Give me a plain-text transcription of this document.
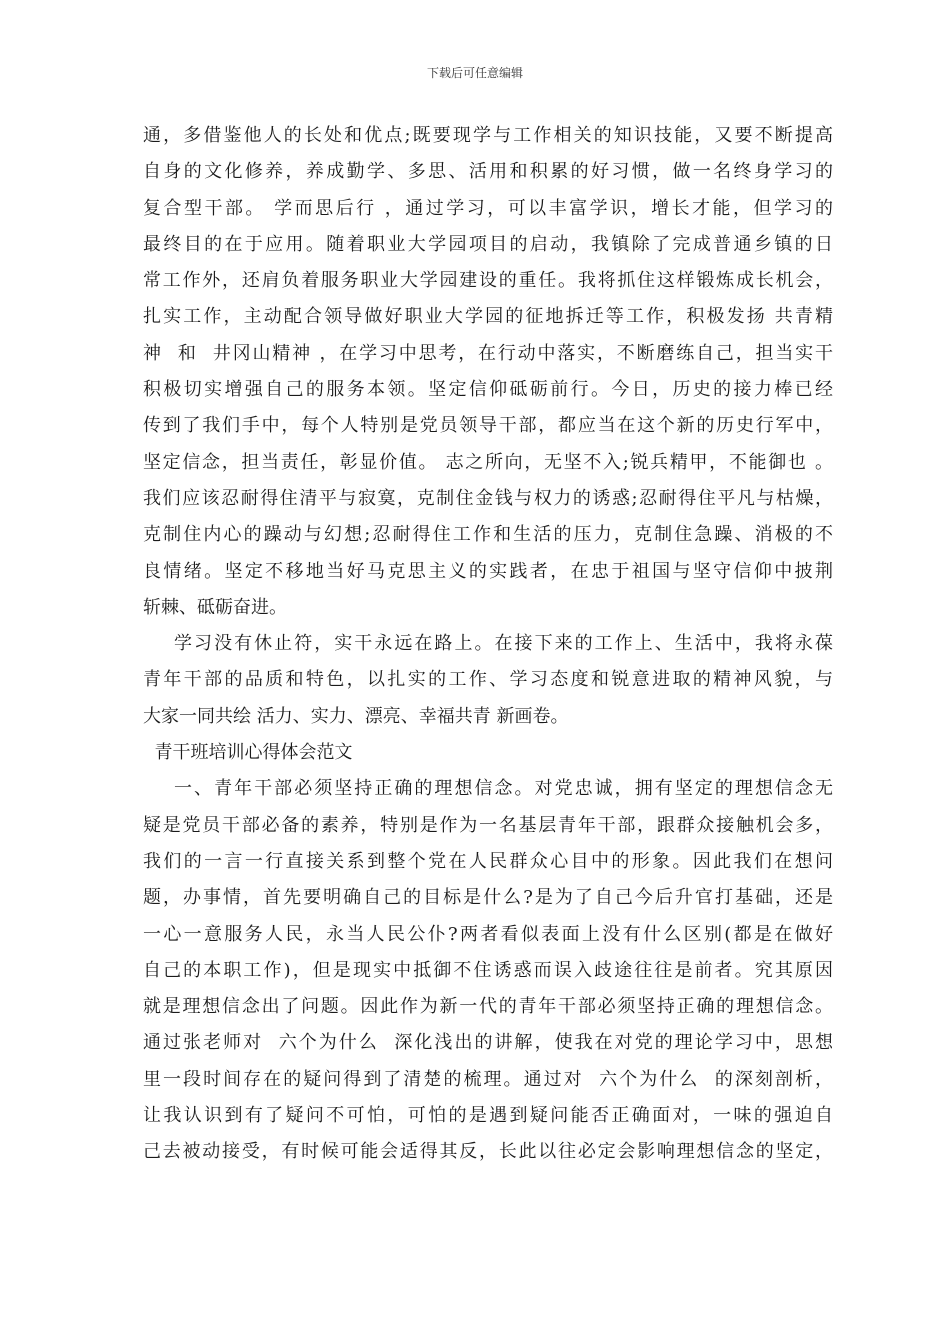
下载后可任意编辑
通，多借鉴他人的长处和优点;既要现学与工作相关的知识技能，又要不断提高
自身的文化修养，养成勤学、多思、活用和积累的好习惯，做一名终身学习的
复合型干部。 学而思后行 ，通过学习，可以丰富学识，增长才能，但学习的
最终目的在于应用。随着职业大学园项目的启动，我镇除了完成普通乡镇的日
常工作外，还肩负着服务职业大学园建设的重任。我将抓住这样锻炼成长机会，
扎实工作，主动配合领导做好职业大学园的征地拆迁等工作，积极发扬 共青精
神  和  井冈山精神 ，在学习中思考，在行动中落实，不断磨练自己，担当实干
积极切实增强自己的服务本领。坚定信仰砥砺前行。今日，历史的接力棒已经
传到了我们手中，每个人特别是党员领导干部，都应当在这个新的历史行军中，
坚定信念，担当责任，彰显价值。 志之所向，无坚不入;锐兵精甲，不能御也 。
我们应该忍耐得住清平与寂寞，克制住金钱与权力的诱惑;忍耐得住平凡与枯燥，
克制住内心的躁动与幻想;忍耐得住工作和生活的压力，克制住急躁、消极的不
良情绪。坚定不移地当好马克思主义的实践者，在忠于祖国与坚守信仰中披荆
斩棘、砥砺奋进。
学习没有休止符，实干永远在路上。在接下来的工作上、生活中，我将永葆
青年干部的品质和特色，以扎实的工作、学习态度和锐意进取的精神风貌，与
大家一同共绘 活力、实力、漂亮、幸福共青 新画卷。
青干班培训心得体会范文
一、青年干部必须坚持正确的理想信念。对党忠诚，拥有坚定的理想信念无
疑是党员干部必备的素养，特别是作为一名基层青年干部，跟群众接触机会多，
我们的一言一行直接关系到整个党在人民群众心目中的形象。因此我们在想问
题，办事情，首先要明确自己的目标是什么?是为了自己今后升官打基础，还是
一心一意服务人民，永当人民公仆?两者看似表面上没有什么区别(都是在做好
自己的本职工作)，但是现实中抵御不住诱惑而误入歧途往往是前者。究其原因
就是理想信念出了问题。因此作为新一代的青年干部必须坚持正确的理想信念。
通过张老师对  六个为什么  深化浅出的讲解，使我在对党的理论学习中，思想
里一段时间存在的疑问得到了清楚的梳理。通过对  六个为什么  的深刻剖析，
让我认识到有了疑问不可怕，可怕的是遇到疑问能否正确面对，一味的强迫自
己去被动接受，有时候可能会适得其反，长此以往必定会影响理想信念的坚定，
